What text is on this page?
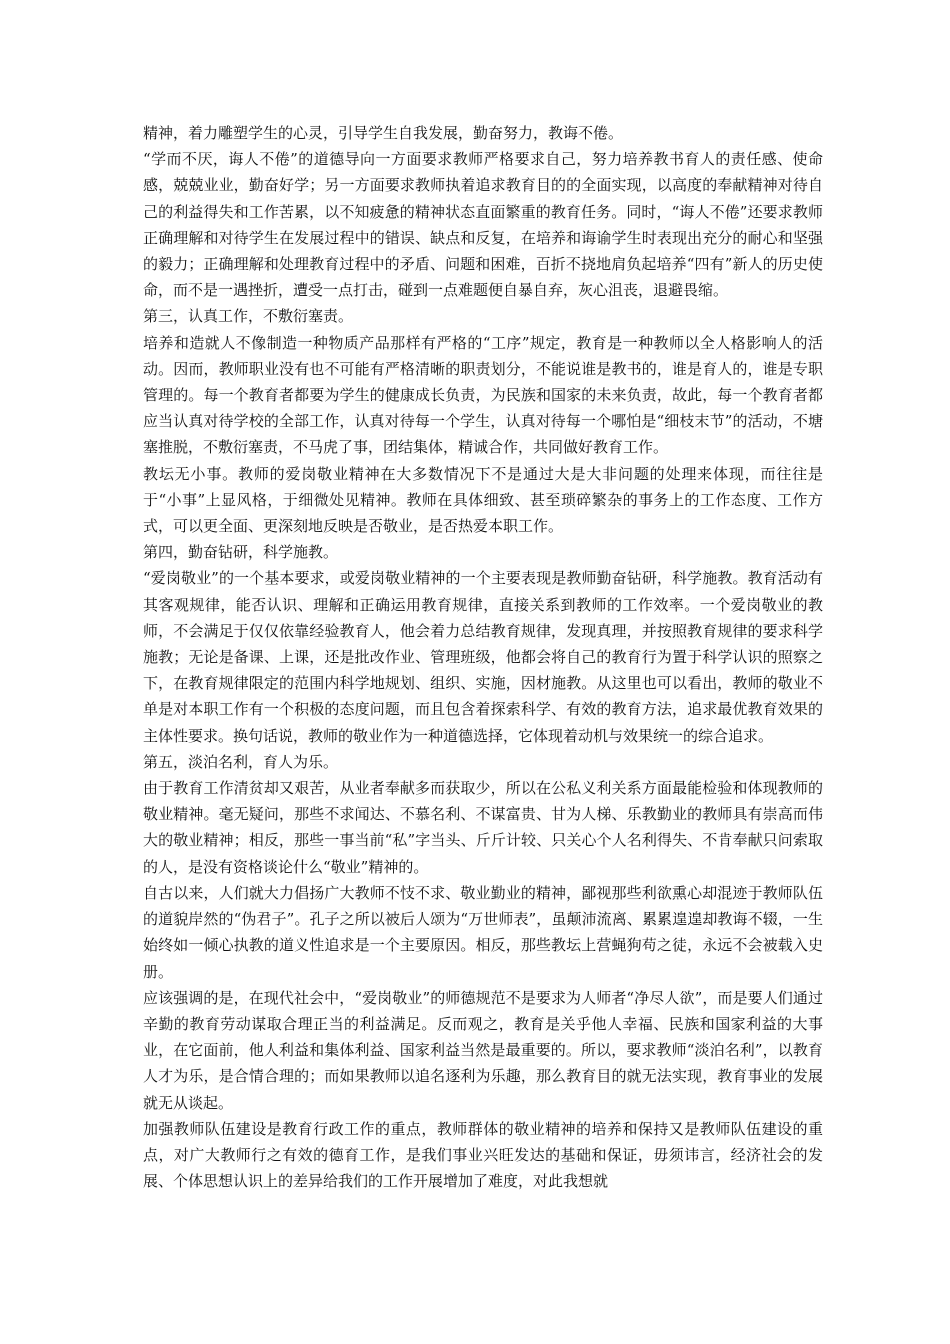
精神，着力雕塑学生的心灵，引导学生自我发展，勤奋努力，教诲不倦。

“学而不厌，诲人不倦”的道德导向一方面要求教师严格要求自己，努力培养教书育人的责任感、使命感，兢兢业业，勤奋好学；另一方面要求教师执着追求教育目的的全面实现，以高度的奉献精神对待自己的利益得失和工作苦累，以不知疲惫的精神状态直面繁重的教育任务。同时，“诲人不倦”还要求教师正确理解和对待学生在发展过程中的错误、缺点和反复，在培养和诲谕学生时表现出充分的耐心和坚强的毅力；正确理解和处理教育过程中的矛盾、问题和困难，百折不挠地肩负起培养“四有”新人的历史使命，而不是一遇挫折，遭受一点打击，碰到一点难题便自暴自弃，灰心沮丧，退避畏缩。

第三，认真工作，不敷衍塞责。

培养和造就人不像制造一种物质产品那样有严格的“工序”规定，教育是一种教师以全人格影响人的活动。因而，教师职业没有也不可能有严格清晰的职责划分，不能说谁是教书的，谁是育人的，谁是专职管理的。每一个教育者都要为学生的健康成长负责，为民族和国家的未来负责，故此，每一个教育者都应当认真对待学校的全部工作，认真对待每一个学生，认真对待每一个哪怕是“细枝末节”的活动，不塘塞推脱，不敷衍塞责，不马虎了事，团结集体，精诚合作，共同做好教育工作。

教坛无小事。教师的爱岗敬业精神在大多数情况下不是通过大是大非问题的处理来体现，而往往是于“小事”上显风格，于细微处见精神。教师在具体细致、甚至琐碎繁杂的事务上的工作态度、工作方式，可以更全面、更深刻地反映是否敬业，是否热爱本职工作。

第四，勤奋钻研，科学施教。

“爱岗敬业”的一个基本要求，或爱岗敬业精神的一个主要表现是教师勤奋钻研，科学施教。教育活动有其客观规律，能否认识、理解和正确运用教育规律，直接关系到教师的工作效率。一个爱岗敬业的教师，不会满足于仅仅依靠经验教育人，他会着力总结教育规律，发现真理，并按照教育规律的要求科学施教；无论是备课、上课，还是批改作业、管理班级，他都会将自己的教育行为置于科学认识的照察之下，在教育规律限定的范围内科学地规划、组织、实施，因材施教。从这里也可以看出，教师的敬业不单是对本职工作有一个积极的态度问题，而且包含着探索科学、有效的教育方法，追求最优教育效果的主体性要求。换句话说，教师的敬业作为一种道德选择，它体现着动机与效果统一的综合追求。

第五，淡泊名利，育人为乐。

由于教育工作清贫却又艰苦，从业者奉献多而获取少，所以在公私义利关系方面最能检验和体现教师的敬业精神。毫无疑问，那些不求闻达、不慕名利、不谋富贵、甘为人梯、乐教勤业的教师具有崇高而伟大的敬业精神；相反，那些一事当前“私”字当头、斤斤计较、只关心个人名利得失、不肯奉献只问索取的人，是没有资格谈论什么“敬业”精神的。

自古以来，人们就大力倡扬广大教师不忮不求、敬业勤业的精神，鄙视那些利欲熏心却混迹于教师队伍的道貌岸然的“伪君子”。孔子之所以被后人颂为“万世师表”，虽颠沛流离、累累遑遑却教诲不辍，一生始终如一倾心执教的道义性追求是一个主要原因。相反，那些教坛上营蝇狗苟之徒，永远不会被载入史册。

应该强调的是，在现代社会中，“爱岗敬业”的师德规范不是要求为人师者“净尽人欲”，而是要人们通过辛勤的教育劳动谋取合理正当的利益满足。反而观之，教育是关乎他人幸福、民族和国家利益的大事业，在它面前，他人利益和集体利益、国家利益当然是最重要的。所以，要求教师“淡泊名利”，以教育人才为乐，是合情合理的；而如果教师以追名逐利为乐趣，那么教育目的就无法实现，教育事业的发展就无从谈起。

加强教师队伍建设是教育行政工作的重点，教师群体的敬业精神的培养和保持又是教师队伍建设的重点，对广大教师行之有效的德育工作，是我们事业兴旺发达的基础和保证，毋须讳言，经济社会的发展、个体思想认识上的差异给我们的工作开展增加了难度，对此我想就
